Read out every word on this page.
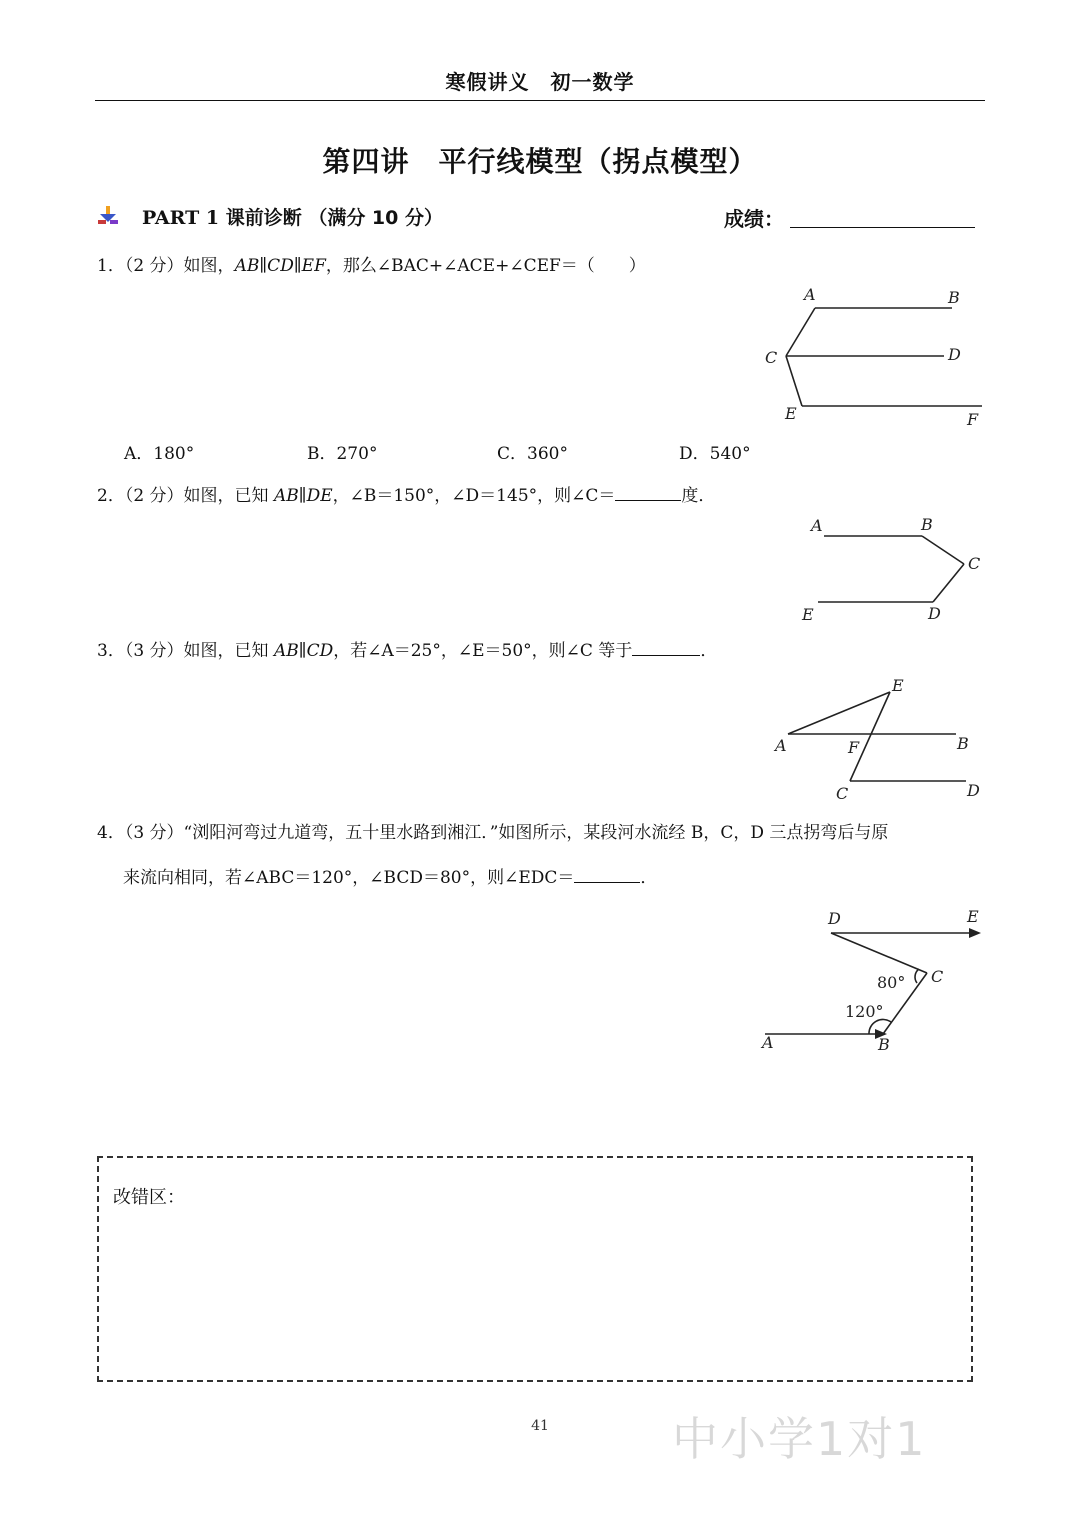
寒假讲义　初一数学
第四讲　平行线模型（拐点模型）
PART 1 课前诊断 （满分 10 分）	成绩：
1．（2 分）如图，AB∥CD∥EF，那么∠BAC+∠ACE+∠CEF＝（　　）
A．180°	B．270°	C．360°	D．540°
A	B
C	D
E	F
2．（2 分）如图，已知 AB∥DE，∠B＝150°，∠D＝145°，则∠C＝	度．
A	B
C
D
E
3．（3 分）如图，已知 AB∥CD，若∠A＝25°，∠E＝50°，则∠C 等于	．
A	B
C	D
E
F
4．（3 分）“浏阳河弯过九道弯，五十里水路到湘江．”如图所示，某段河水流经 B，C，D 三点拐弯后与原
来流向相同，若∠ABC＝120°，∠BCD＝80°，则∠EDC＝	．
D	E
C
B
A
80°
120°
改错区：
41	中小学1对1
